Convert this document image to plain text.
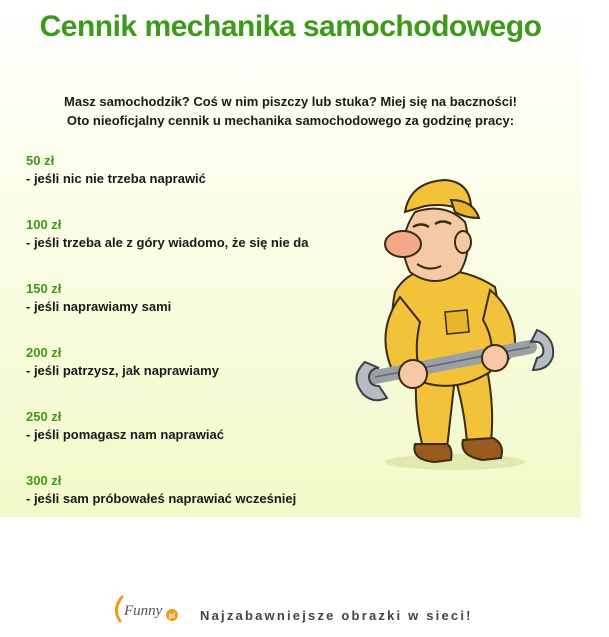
Cennik mechanika samochodowego
Masz samochodzik? Coś w nim piszczy lub stuka? Miej się na baczności!
Oto nieoficjalny cennik u mechanika samochodowego za godzinę pracy:
50 zł
- jeśli nic nie trzeba naprawić
100 zł
- jeśli trzeba ale z góry wiadomo, że się nie da
150 zł
- jeśli naprawiamy sami
200 zł
- jeśli patrzysz, jak naprawiamy
250 zł
- jeśli pomagasz nam naprawiać
300 zł
- jeśli sam próbowałeś naprawiać wcześniej
Funny pl Najzabawniejsze obrazki w sieci!
